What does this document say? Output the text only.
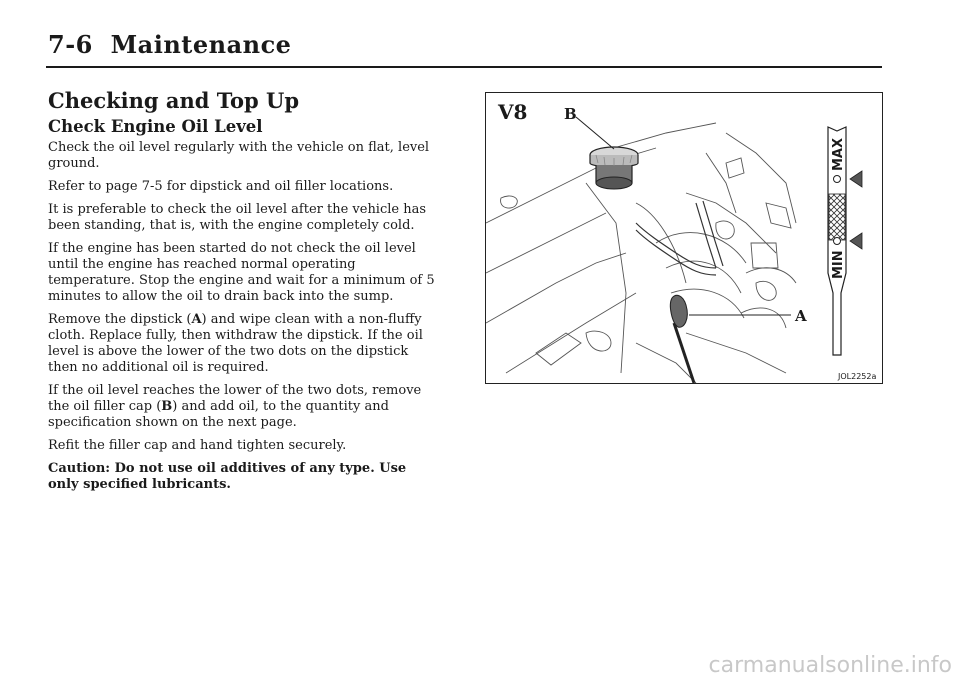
7-6 Maintenance
Checking and Top Up
Check Engine Oil Level

Check the oil level regularly with the vehicle on flat, level ground.

Refer to page 7-5 for dipstick and oil filler locations.

It is preferable to check the oil level after the vehicle has been standing, that is, with the engine completely cold.

If the engine has been started do not check the oil level until the engine has reached normal operating temperature. Stop the engine and wait for a minimum of 5 minutes to allow the oil to drain back into the sump.

Remove the dipstick (A) and wipe clean with a non-fluffy cloth. Replace fully, then withdraw the dipstick. If the oil level is above the lower of the two dots on the dipstick then no additional oil is required.

If the oil level reaches the lower of the two dots, remove the oil filler cap (B) and add oil, to the quantity and specification shown on the next page.

Refit the filler cap and hand tighten securely.

Caution: Do not use oil additives of any type. Use only specified lubricants.

V8 B
A
MAX
MIN
JOL2252a
carmanualsonline.info
